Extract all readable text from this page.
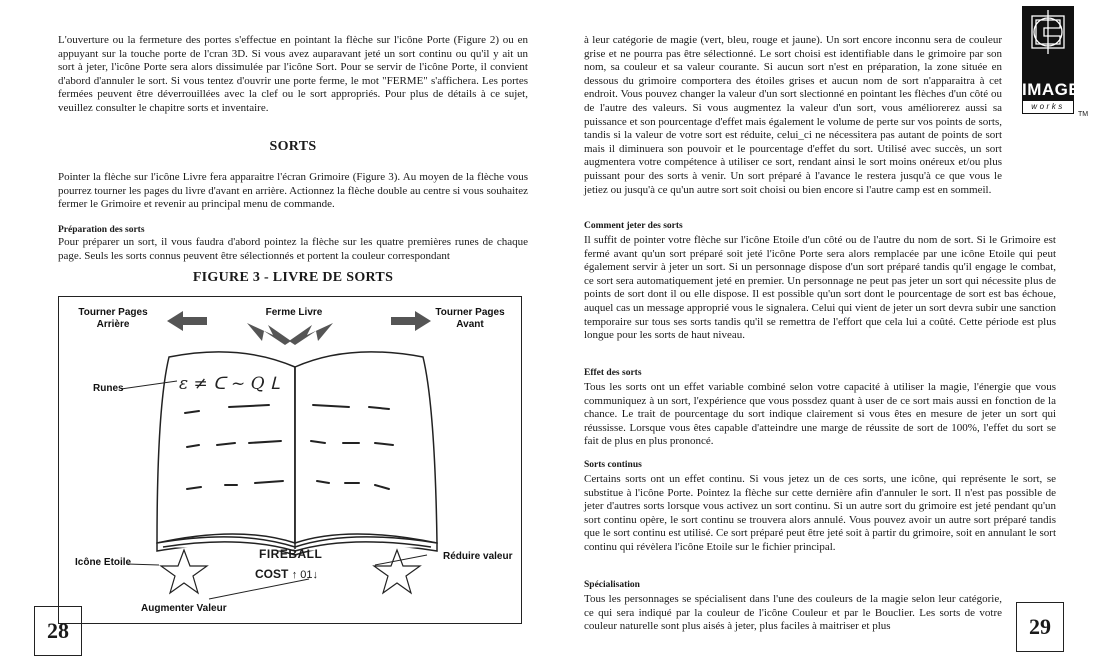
L'ouverture ou la fermeture des portes s'effectue en pointant la flèche sur l'icône Porte (Figure 2) ou en appuyant sur la touche porte de l'cran 3D. Si vous avez auparavant jeté un sort continu ou qu'il y ait un sort à jeter, l'icône Porte sera alors dissimulée par l'icône Sort. Pour se servir de l'icône Porte, il convient d'abord d'annuler le sort. Si vous tentez d'ouvrir une porte ferme, le mot "FERME" s'affichera. Les portes fermées peuvent être déverrouillées avec la clef ou le sort appropriés. Pour plus de détails à ce sujet, veuillez consulter le chapitre sorts et inventaire.

SORTS

Pointer la flèche sur l'icône Livre fera apparaitre l'écran Grimoire (Figure 3). Au moyen de la flèche vous pourrez tourner les pages du livre d'avant en arrière. Actionnez la flèche double au centre si vous souhaitez fermer le Grimoire et revenir au principal menu de commande.

Préparation des sorts

Pour préparer un sort, il vous faudra d'abord pointez la flèche sur les quatre premières runes de chaque page. Seuls les sorts connus peuvent être sélectionnés et portent la couleur correspondant

FIGURE 3 - LIVRE DE SORTS

ε ≠ ᑕ ~ Q ᒪ

Tourner Pages
Arrière

Ferme Livre	Tourner Pages
Avant

Runes

FIREBALL

COST ↑ 01↓

Icône Etoile

Réduire valeur

Augmenter Valeur

28

à leur catégorie de magie (vert, bleu, rouge et jaune). Un sort encore inconnu sera de couleur grise et ne pourra pas être sélectionné. Le sort choisi est identifiable dans le grimoire par son nom, sa couleur et sa valeur courante. Si aucun sort n'est en préparation, la zone située en dessous du grimoire comportera des étoiles grises et aucun nom de sort n'apparaitra à cet endroit. Vous pouvez changer la valeur d'un sort slectionné en pointant les flèches d'un côté ou de l'autre des valeurs. Si vous augmentez la valeur d'un sort, vous améliorerez aussi sa puissance et son pourcentage d'effet mais également le volume de perte sur vos points de sorts, tandis si la valeur de votre sort est réduite, celui_ci ne nécessitera pas autant de points de sort mais il diminuera son pouvoir et le pourcentage d'effet du sort. Utilisé avec succès, un sort augmentera votre compétence à utiliser ce sort, rendant ainsi le sort moins onéreux et/ou plus puissant pour des sorts à venir. Un sort préparé à l'avance le restera jusqu'à ce que vous le jetiez ou jusqu'à ce qu'un autre sort soit choisi ou bien encore si l'autre camp est en sommeil.

Comment jeter des sorts

Il suffit de pointer votre flèche sur l'icône Etoile d'un côté ou de l'autre du nom de sort. Si le Grimoire est fermé avant qu'un sort préparé soit jeté l'icône Porte sera alors remplacée par une icône Etoile qui peut également servir à jeter un sort. Si un personnage dispose d'un sort préparé tandis qu'il engage le combat, ce sort sera automatiquement jeté en premier. Un personnage ne peut pas jeter un sort qui nécessite plus de points de sort dont il ou elle dispose. Il est possible qu'un sort dont le pourcentage de sort est bas échoue, auquel cas un message approprié vous le signalera. Celui qui vient de jeter un sort devra subir une sanction temporaire sur tous ses sorts tandis qu'il se remettra de l'effort que cela lui a coûté. Cette période est plus longue pour les sorts de haut niveau.

Effet des sorts

Tous les sorts ont un effet variable combiné selon votre capacité à utiliser la magie, l'énergie que vous communiquez à un sort, l'expérience que vous possdez quant à user de ce sort mais aussi en fonction de la chance. Le trait de pourcentage du sort indique clairement si vous êtes en mesure de jeter un sort qui réussisse. Lorsque vous êtes capable d'atteindre une marge de réussite de sort de 100%, l'effet du sort se fait de plus en plus prononcé.

Sorts continus

Certains sorts ont un effet continu. Si vous jetez un de ces sorts, une icône, qui représente le sort, se substitue à l'icône Porte. Pointez la flèche sur cette dernière afin d'annuler le sort. Il n'est pas possible de jeter d'autres sorts lorsque vous activez un sort continu. Si un autre sort du grimoire est jeté pendant qu'un sort continu opère, le sort continu se trouvera alors annulé. Vous pouvez avoir un autre sort préparé tandis que le sort continu est utilisé. Ce sort préparé peut être jeté soit à partir du grimoire, soit en annulant le sort continu qui révèlera l'icône Etoile sur le fichier principal.

Spécialisation

Tous les personnages se spécialisent dans l'une des couleurs de la magie selon leur catégorie, ce qui sera indiqué par la couleur de l'icône Couleur et par le Bouclier. Les sorts de votre couleur naturelle sont plus aisés à jeter, plus faciles à maitriser et plus	29
IMAGE
works
TM
